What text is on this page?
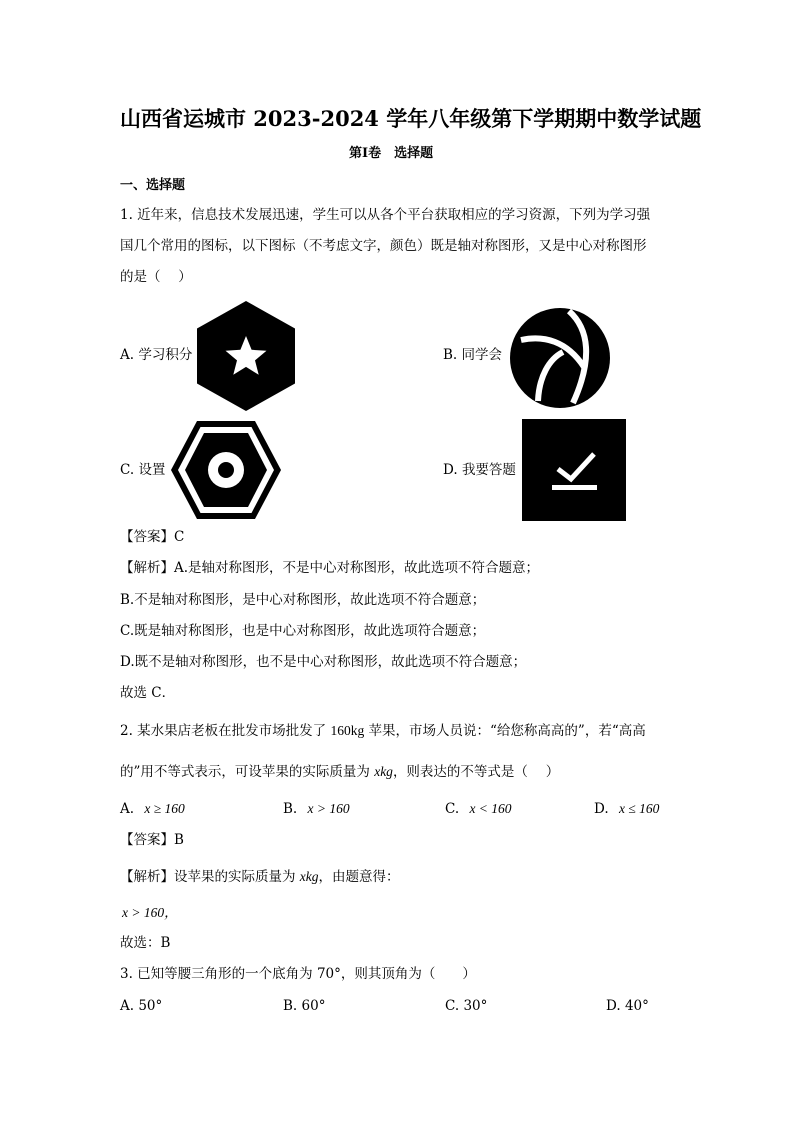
山西省运城市 2023-2024 学年八年级第下学期期中数学试题
第Ⅰ卷　选择题
一、选择题
1. 近年来，信息技术发展迅速，学生可以从各个平台获取相应的学习资源，下列为学习强
国几个常用的图标，以下图标（不考虑文字，颜色）既是轴对称图形，又是中心对称图形
的是（　 ）
A. 学习积分	B. 同学会
C. 设置	D. 我要答题
【答案】C
【解析】A.是轴对称图形，不是中心对称图形，故此选项不符合题意；
B.不是轴对称图形，是中心对称图形，故此选项不符合题意；
C.既是轴对称图形，也是中心对称图形，故此选项符合题意；
D.既不是轴对称图形，也不是中心对称图形，故此选项不符合题意；
故选 C．
2. 某水果店老板在批发市场批发了 160kg 苹果，市场人员说：“给您称高高的”，若“高高
的”用不等式表示，可设苹果的实际质量为 xkg，则表达的不等式是（　 ）
A. x ≥ 160	B. x > 160	C. x < 160	D. x ≤ 160
【答案】B
【解析】设苹果的实际质量为 xkg，由题意得：
x > 160，
故选：B
3. 已知等腰三角形的一个底角为 70°，则其顶角为（　　）
A. 50°	B. 60°	C. 30°	D. 40°
